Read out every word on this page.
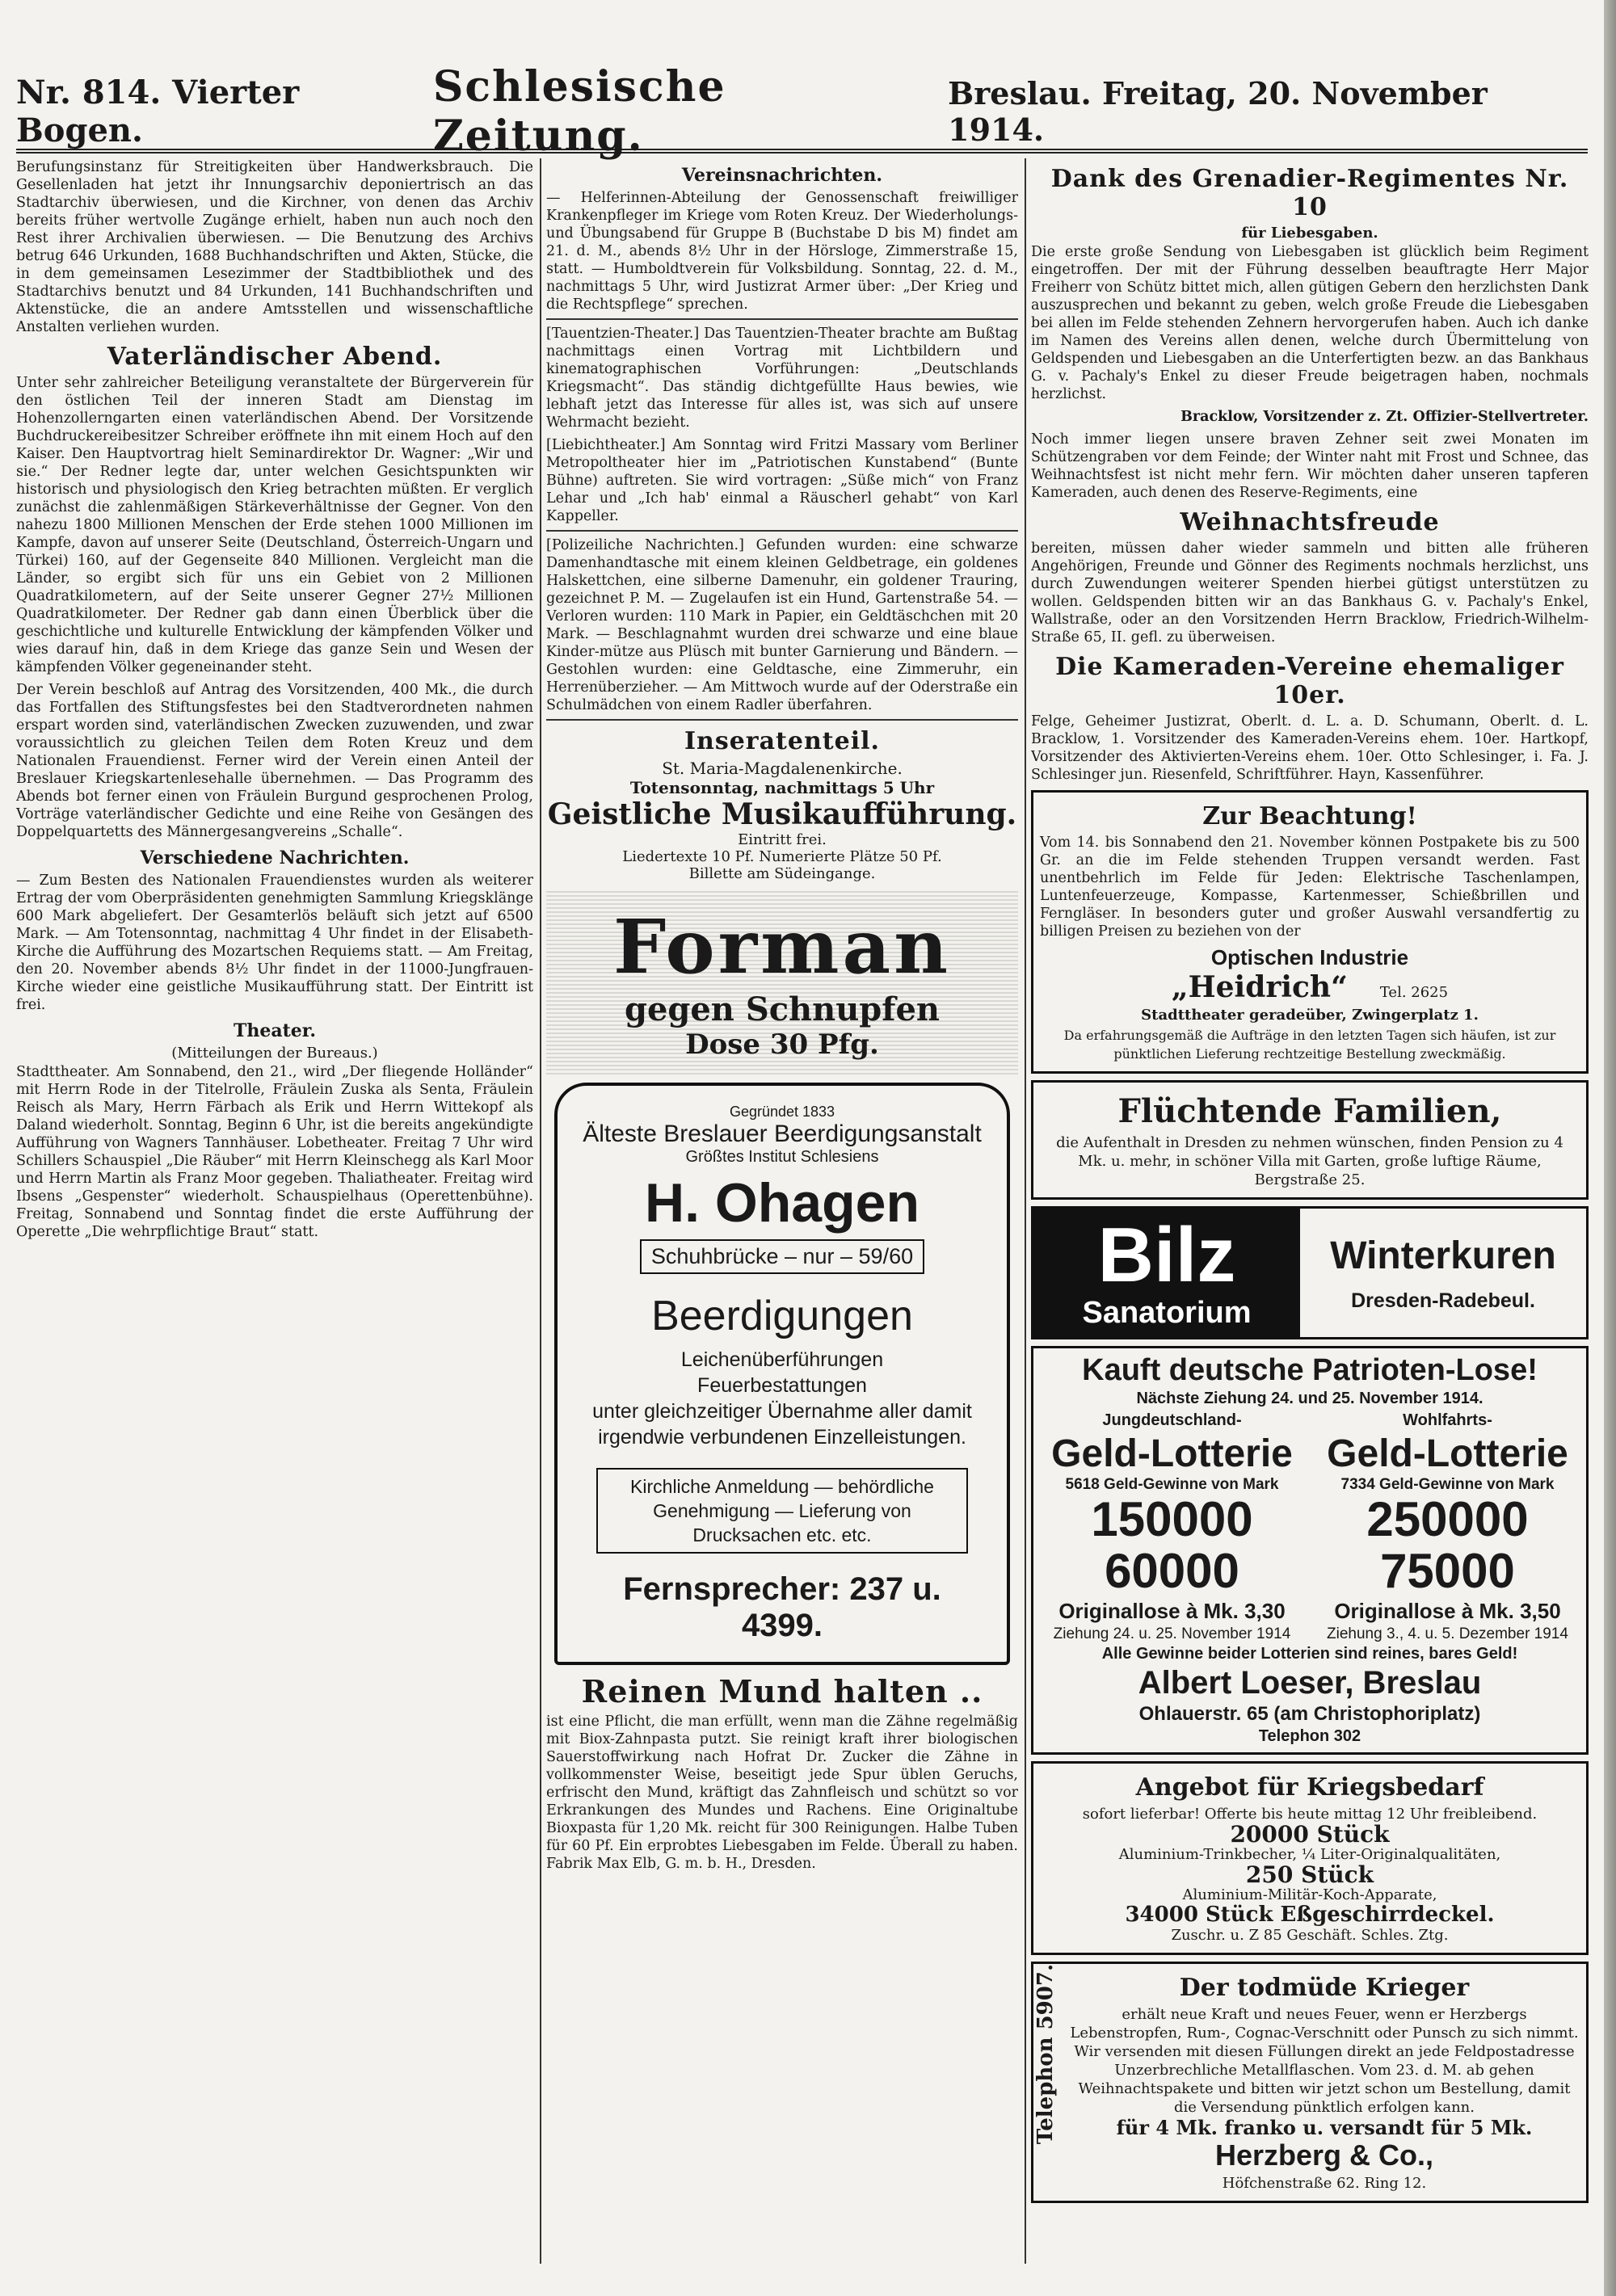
Nr. 814. Vierter Bogen.
Schlesische Zeitung.
Breslau. Freitag, 20. November 1914.

Berufungsinstanz für Streitigkeiten über Handwerksbrauch. Die Gesellenladen hat jetzt ihr Innungsarchiv deponiertrisch an das Stadtarchiv überwiesen, und die Kirchner, von denen das Archiv bereits früher wertvolle Zugänge erhielt, haben nun auch noch den Rest ihrer Archivalien überwiesen. — Die Benutzung des Archivs betrug 646 Urkunden, 1688 Buchhandschriften und Akten, Stücke, die in dem gemeinsamen Lesezimmer der Stadtbibliothek und des Stadtarchivs benutzt und 84 Urkunden, 141 Buchhandschriften und Aktenstücke, die an andere Amtsstellen und wissenschaftliche Anstalten verliehen wurden.

Vaterländischer Abend.

Unter sehr zahlreicher Beteiligung veranstaltete der Bürgerverein für den östlichen Teil der inneren Stadt am Dienstag im Hohenzollerngarten einen vaterländischen Abend. Der Vorsitzende Buchdruckereibesitzer Schreiber eröffnete ihn mit einem Hoch auf den Kaiser. Den Hauptvortrag hielt Seminardirektor Dr. Wagner: „Wir und sie.“ Der Redner legte dar, unter welchen Gesichtspunkten wir historisch und physiologisch den Krieg betrachten müßten. Er verglich zunächst die zahlenmäßigen Stärkeverhältnisse der Gegner. Von den nahezu 1800 Millionen Menschen der Erde stehen 1000 Millionen im Kampfe, davon auf unserer Seite (Deutschland, Österreich-Ungarn und Türkei) 160, auf der Gegenseite 840 Millionen. Vergleicht man die Länder, so ergibt sich für uns ein Gebiet von 2 Millionen Quadratkilometern, auf der Seite unserer Gegner 27½ Millionen Quadratkilometer. Der Redner gab dann einen Überblick über die geschichtliche und kulturelle Entwicklung der kämpfenden Völker und wies darauf hin, daß in dem Kriege das ganze Sein und Wesen der kämpfenden Völker gegeneinander steht.

Der Verein beschloß auf Antrag des Vorsitzenden, 400 Mk., die durch das Fortfallen des Stiftungsfestes bei den Stadtverordneten nahmen erspart worden sind, vaterländischen Zwecken zuzuwenden, und zwar voraussichtlich zu gleichen Teilen dem Roten Kreuz und dem Nationalen Frauendienst. Ferner wird der Verein einen Anteil der Breslauer Kriegskartenlesehalle übernehmen. — Das Programm des Abends bot ferner einen von Fräulein Burgund gesprochenen Prolog, Vorträge vaterländischer Gedichte und eine Reihe von Gesängen des Doppelquartetts des Männergesangvereins „Schalle“.

Verschiedene Nachrichten.

— Zum Besten des Nationalen Frauendienstes wurden als weiterer Ertrag der vom Oberpräsidenten genehmigten Sammlung Kriegsklänge 600 Mark abgeliefert. Der Gesamterlös beläuft sich jetzt auf 6500 Mark. — Am Totensonntag, nachmittag 4 Uhr findet in der Elisabeth-Kirche die Aufführung des Mozartschen Requiems statt. — Am Freitag, den 20. November abends 8½ Uhr findet in der 11000-Jungfrauen-Kirche wieder eine geistliche Musikaufführung statt. Der Eintritt ist frei.

Theater.
(Mitteilungen der Bureaus.)

Stadttheater. Am Sonnabend, den 21., wird „Der fliegende Holländer“ mit Herrn Rode in der Titelrolle, Fräulein Zuska als Senta, Fräulein Reisch als Mary, Herrn Färbach als Erik und Herrn Wittekopf als Daland wiederholt. Sonntag, Beginn 6 Uhr, ist die bereits angekündigte Aufführung von Wagners Tannhäuser. Lobetheater. Freitag 7 Uhr wird Schillers Schauspiel „Die Räuber“ mit Herrn Kleinschegg als Karl Moor und Herrn Martin als Franz Moor gegeben. Thaliatheater. Freitag wird Ibsens „Gespenster“ wiederholt. Schauspielhaus (Operettenbühne). Freitag, Sonnabend und Sonntag findet die erste Aufführung der Operette „Die wehrpflichtige Braut“ statt.

Vereinsnachrichten.

— Helferinnen-Abteilung der Genossenschaft freiwilliger Krankenpfleger im Kriege vom Roten Kreuz. Der Wiederholungs- und Übungsabend für Gruppe B (Buchstabe D bis M) findet am 21. d. M., abends 8½ Uhr in der Hörsloge, Zimmerstraße 15, statt. — Humboldtverein für Volksbildung. Sonntag, 22. d. M., nachmittags 5 Uhr, wird Justizrat Armer über: „Der Krieg und die Rechtspflege“ sprechen.

[Tauentzien-Theater.] Das Tauentzien-Theater brachte am Bußtag nachmittags einen Vortrag mit Lichtbildern und kinematographischen Vorführungen: „Deutschlands Kriegsmacht“. Das ständig dichtgefüllte Haus bewies, wie lebhaft jetzt das Interesse für alles ist, was sich auf unsere Wehrmacht bezieht.

[Liebichtheater.] Am Sonntag wird Fritzi Massary vom Berliner Metropoltheater hier im „Patriotischen Kunstabend“ (Bunte Bühne) auftreten. Sie wird vortragen: „Süße mich“ von Franz Lehar und „Ich hab' einmal a Räuscherl gehabt“ von Karl Kappeller.

[Polizeiliche Nachrichten.] Gefunden wurden: eine schwarze Damenhandtasche mit einem kleinen Geldbetrage, ein goldenes Halskettchen, eine silberne Damenuhr, ein goldener Trauring, gezeichnet P. M. — Zugelaufen ist ein Hund, Gartenstraße 54. — Verloren wurden: 110 Mark in Papier, ein Geldtäschchen mit 20 Mark. — Beschlagnahmt wurden drei schwarze und eine blaue Kinder-mütze aus Plüsch mit bunter Garnierung und Bändern. — Gestohlen wurden: eine Geldtasche, eine Zimmeruhr, ein Herrenüberzieher. — Am Mittwoch wurde auf der Oderstraße ein Schulmädchen von einem Radler überfahren.

Inseratenteil.
St. Maria-Magdalenenkirche.
Totensonntag, nachmittags 5 Uhr
Geistliche Musikaufführung.
Eintritt frei.
Liedertexte 10 Pf. Numerierte Plätze 50 Pf.
Billette am Südeingange.
Forman
gegen Schnupfen
Dose 30 Pfg.
Gegründet 1833
Älteste Breslauer Beerdigungsanstalt
Größtes Institut Schlesiens
H. Ohagen
Schuhbrücke – nur – 59/60
Beerdigungen
Leichenüberführungen
Feuerbestattungen
unter gleichzeitiger Übernahme aller damit
irgendwie verbundenen Einzelleistungen.
Kirchliche Anmeldung — behördliche Genehmigung — Lieferung von Drucksachen etc. etc.
Fernsprecher: 237 u. 4399.
Reinen Mund halten ..

ist eine Pflicht, die man erfüllt, wenn man die Zähne regelmäßig mit Biox-Zahnpasta putzt. Sie reinigt kraft ihrer biologischen Sauerstoffwirkung nach Hofrat Dr. Zucker die Zähne in vollkommenster Weise, beseitigt jede Spur üblen Geruchs, erfrischt den Mund, kräftigt das Zahnfleisch und schützt so vor Erkrankungen des Mundes und Rachens. Eine Originaltube Bioxpasta für 1,20 Mk. reicht für 300 Reinigungen. Halbe Tuben für 60 Pf. Ein erprobtes Liebesgaben im Felde. Überall zu haben. Fabrik Max Elb, G. m. b. H., Dresden.

Dank des Grenadier-Regimentes Nr. 10
für Liebesgaben.

Die erste große Sendung von Liebesgaben ist glücklich beim Regiment eingetroffen. Der mit der Führung desselben beauftragte Herr Major Freiherr von Schütz bittet mich, allen gütigen Gebern den herzlichsten Dank auszusprechen und bekannt zu geben, welch große Freude die Liebesgaben bei allen im Felde stehenden Zehnern hervorgerufen haben. Auch ich danke im Namen des Vereins allen denen, welche durch Übermittelung von Geldspenden und Liebesgaben an die Unterfertigten bezw. an das Bankhaus G. v. Pachaly's Enkel zu dieser Freude beigetragen haben, nochmals herzlichst.

Bracklow, Vorsitzender z. Zt. Offizier-Stellvertreter.

Noch immer liegen unsere braven Zehner seit zwei Monaten im Schützengraben vor dem Feinde; der Winter naht mit Frost und Schnee, das Weihnachtsfest ist nicht mehr fern. Wir möchten daher unseren tapferen Kameraden, auch denen des Reserve-Regiments, eine

Weihnachtsfreude

bereiten, müssen daher wieder sammeln und bitten alle früheren Angehörigen, Freunde und Gönner des Regiments nochmals herzlichst, uns durch Zuwendungen weiterer Spenden hierbei gütigst unterstützen zu wollen. Geldspenden bitten wir an das Bankhaus G. v. Pachaly's Enkel, Wallstraße, oder an den Vorsitzenden Herrn Bracklow, Friedrich-Wilhelm-Straße 65, II. gefl. zu überweisen.

Die Kameraden-Vereine ehemaliger 10er.

Felge, Geheimer Justizrat, Oberlt. d. L. a. D. Schumann, Oberlt. d. L. Bracklow, 1. Vorsitzender des Kameraden-Vereins ehem. 10er. Hartkopf, Vorsitzender des Aktivierten-Vereins ehem. 10er. Otto Schlesinger, i. Fa. J. Schlesinger jun. Riesenfeld, Schriftführer. Hayn, Kassenführer.

Zur Beachtung!

Vom 14. bis Sonnabend den 21. November können Postpakete bis zu 500 Gr. an die im Felde stehenden Truppen versandt werden. Fast unentbehrlich im Felde für Jeden: Elektrische Taschenlampen, Luntenfeuerzeuge, Kompasse, Kartenmesser, Schießbrillen und Ferngläser. In besonders guter und großer Auswahl versandfertig zu billigen Preisen zu beziehen von der

Optischen Industrie
„Heidrich“ Tel. 2625
Stadttheater geradeüber, Zwingerplatz 1.
Da erfahrungsgemäß die Aufträge in den letzten Tagen sich häufen, ist zur pünktlichen Lieferung rechtzeitige Bestellung zweckmäßig.
Flüchtende Familien,
die Aufenthalt in Dresden zu nehmen wünschen, finden Pension zu 4 Mk. u. mehr, in schöner Villa mit Garten, große luftige Räume, Bergstraße 25.
Bilz
Sanatorium
Winterkuren
Dresden-Radebeul.
Kauft deutsche Patrioten-Lose!
Nächste Ziehung 24. und 25. November 1914.
Jungdeutschland-
Geld-Lotterie
5618 Geld-Gewinne von Mark
150000
60000
Originallose à Mk. 3,30
Ziehung 24. u. 25. November 1914
Wohlfahrts-
Geld-Lotterie
7334 Geld-Gewinne von Mark
250000
75000
Originallose à Mk. 3,50
Ziehung 3., 4. u. 5. Dezember 1914
Alle Gewinne beider Lotterien sind reines, bares Geld!
Albert Loeser, Breslau
Ohlauerstr. 65 (am Christophoriplatz)
Telephon 302
Angebot für Kriegsbedarf
sofort lieferbar! Offerte bis heute mittag 12 Uhr freibleibend.
20000 Stück
Aluminium-Trinkbecher, ¼ Liter-Originalqualitäten,
250 Stück
Aluminium-Militär-Koch-Apparate,
34000 Stück Eßgeschirrdeckel.
Zuschr. u. Z 85 Geschäft. Schles. Ztg.
Telephon 5907.	Der todmüde Krieger
erhält neue Kraft und neues Feuer, wenn er Herzbergs Lebenstropfen, Rum-, Cognac-Verschnitt oder Punsch zu sich nimmt. Wir versenden mit diesen Füllungen direkt an jede Feldpostadresse Unzerbrechliche Metallflaschen. Vom 23. d. M. ab gehen Weihnachtspakete und bitten wir jetzt schon um Bestellung, damit die Versendung pünktlich erfolgen kann.
für 4 Mk. franko u. versandt für 5 Mk.
Herzberg & Co.,
Höfchenstraße 62. Ring 12.
